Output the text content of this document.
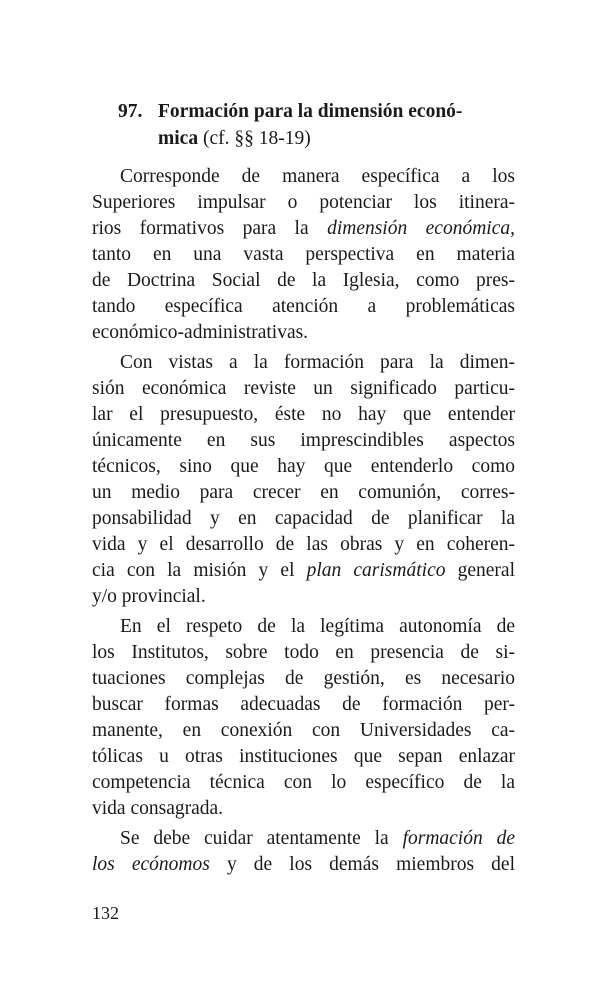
97. Formación para la dimensión econó-
mica (cf. §§ 18-19)
Corresponde de manera específica a los
Superiores impulsar o potenciar los itinera-
rios formativos para la dimensión económica,
tanto en una vasta perspectiva en materia
de Doctrina Social de la Iglesia, como pres-
tando específica atención a problemáticas
económico-administrativas.
Con vistas a la formación para la dimen-
sión económica reviste un significado particu-
lar el presupuesto, éste no hay que entender
únicamente en sus imprescindibles aspectos
técnicos, sino que hay que entenderlo como
un medio para crecer en comunión, corres-
ponsabilidad y en capacidad de planificar la
vida y el desarrollo de las obras y en coheren-
cia con la misión y el plan carismático general
y/o provincial.
En el respeto de la legítima autonomía de
los Institutos, sobre todo en presencia de si-
tuaciones complejas de gestión, es necesario
buscar formas adecuadas de formación per-
manente, en conexión con Universidades ca-
tólicas u otras instituciones que sepan enlazar
competencia técnica con lo específico de la
vida consagrada.
Se debe cuidar atentamente la formación de
los ecónomos y de los demás miembros del
132
